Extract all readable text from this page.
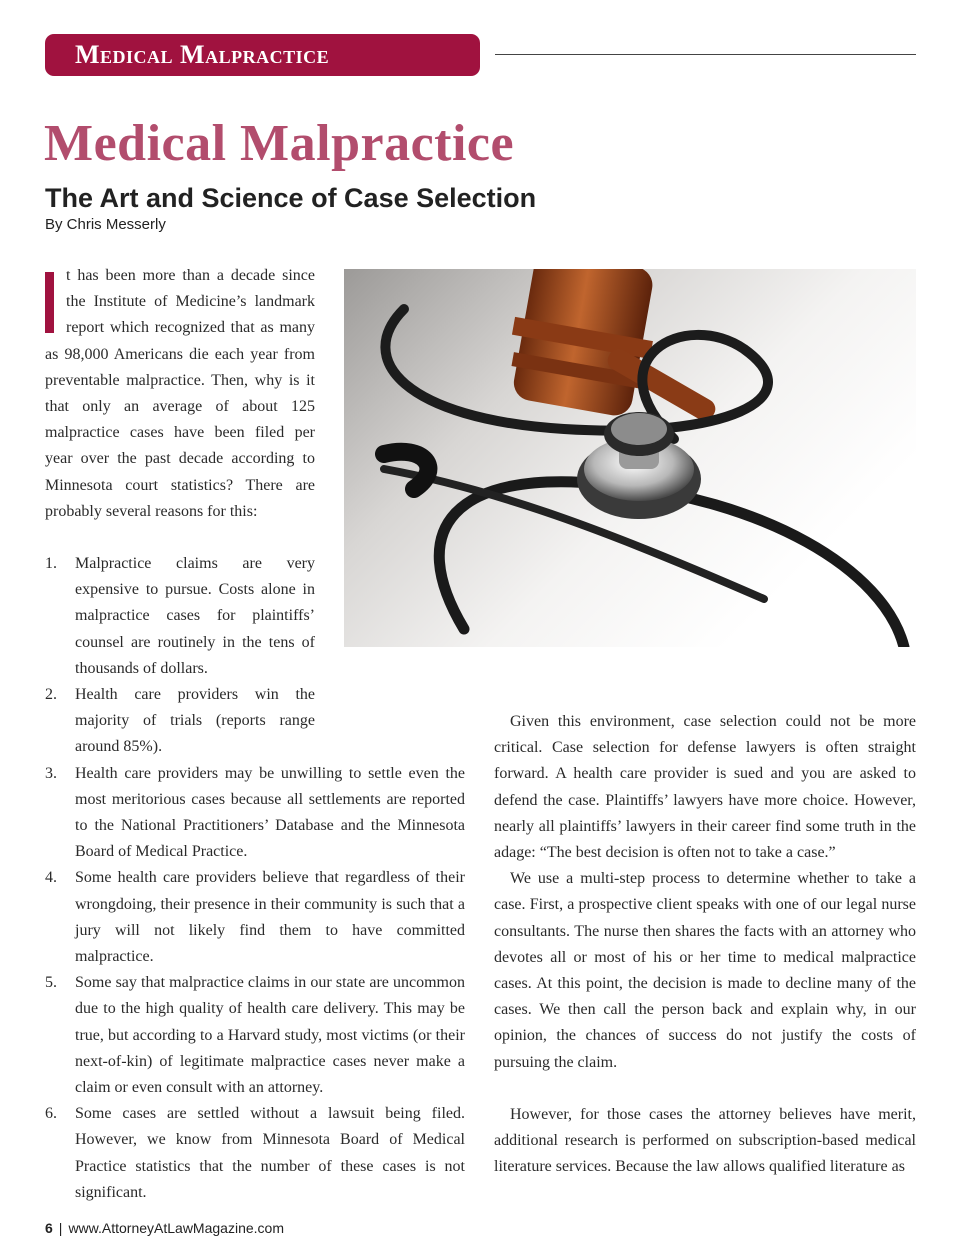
Medical Malpractice
Medical Malpractice
The Art and Science of Case Selection
By Chris Messerly

t has been more than a decade since the Institute of Medicine’s landmark report which recognized that as many as 98,000 Americans die each year from preventable malpractice. Then, why is it that only an average of about 125 malpractice cases have been filed per year over the past decade according to Minnesota court statistics? There are probably several reasons for this:

1. Malpractice claims are very expensive to pursue. Costs alone in malpractice cases for plaintiffs’ counsel are routinely in the tens of thousands of dollars.
2. Health care providers win the majority of trials (reports range around 85%).
3. Health care providers may be unwilling to settle even the most meritorious cases because all settlements are reported to the National Practitioners’ Database and the Minnesota Board of Medical Practice.
4. Some health care providers believe that regardless of their wrongdoing, their presence in their community is such that a jury will not likely find them to have committed malpractice.
5. Some say that malpractice claims in our state are uncommon due to the high quality of health care delivery. This may be true, but according to a Harvard study, most victims (or their next-of-kin) of legitimate malpractice cases never make a claim or even consult with an attorney.
6. Some cases are settled without a lawsuit being filed. However, we know from Minnesota Board of Medical Practice statistics that the number of these cases is not significant.

Given this environment, case selection could not be more critical. Case selection for defense lawyers is often straight forward. A health care provider is sued and you are asked to defend the case. Plaintiffs’ lawyers have more choice. However, nearly all plaintiffs’ lawyers in their career find some truth in the adage: “The best decision is often not to take a case.”

We use a multi-step process to determine whether to take a case. First, a prospective client speaks with one of our legal nurse consultants. The nurse then shares the facts with an attorney who devotes all or most of his or her time to medical malpractice cases. At this point, the decision is made to decline many of the cases. We then call the person back and explain why, in our opinion, the chances of success do not justify the costs of pursuing the claim.

However, for those cases the attorney believes have merit, additional research is performed on subscription-based medical literature services. Because the law allows qualified literature as

6 | www.AttorneyAtLawMagazine.com
